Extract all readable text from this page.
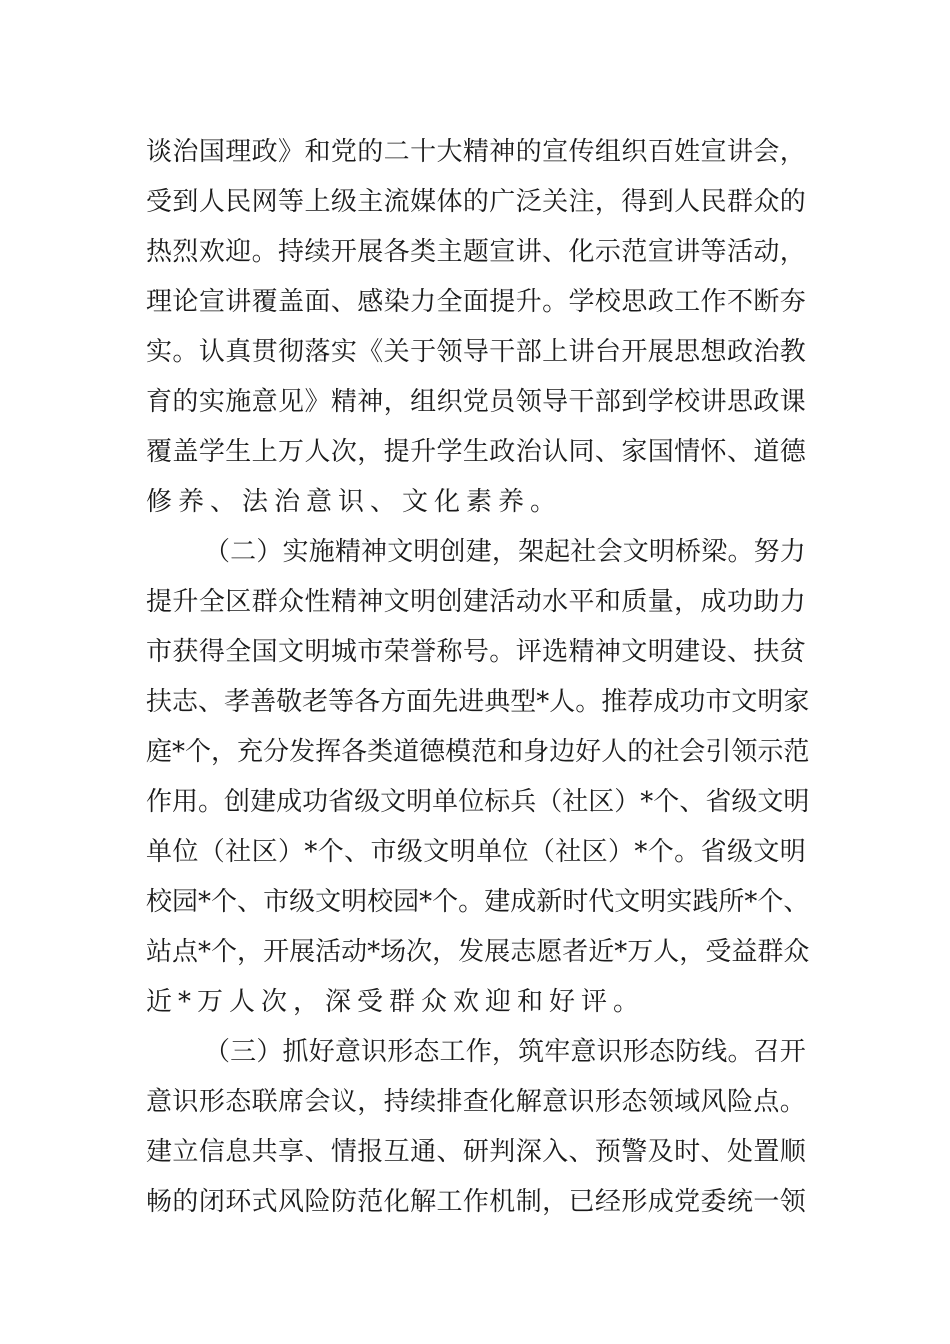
谈 治 国 理 政 》 和 党 的 二 十 大 精 神 的 宣 传 组 织 百 姓 宣 讲 会 ，
受 到 人 民 网 等 上 级 主 流 媒 体 的 广 泛 关 注 ， 得 到 人 民 群 众 的
热 烈 欢 迎 。 持 续 开 展 各 类 主 题 宣 讲 、 化 示 范 宣 讲 等 活 动 ，
理 论 宣 讲 覆 盖 面 、 感 染 力 全 面 提 升 。 学 校 思 政 工 作 不 断 夯
实 。 认 真 贯 彻 落 实 《 关 于 领 导 干 部 上 讲 台 开 展 思 想 政 治 教
育 的 实 施 意 见 》 精 神 ， 组 织 党 员 领 导 干 部 到 学 校 讲 思 政 课
覆 盖 学 生 上 万 人 次 ， 提 升 学 生 政 治 认 同 、 家 国 情 怀 、 道 德
修养、法治意识、文化素养。
（ 二 ） 实 施 精 神 文 明 创 建 ， 架 起 社 会 文 明 桥 梁 。 努 力
提 升 全 区 群 众 性 精 神 文 明 创 建 活 动 水 平 和 质 量 ， 成 功 助 力
市 获 得 全 国 文 明 城 市 荣 誉 称 号 。 评 选 精 神 文 明 建 设 、 扶 贫
扶 志 、 孝 善 敬 老 等 各 方 面 先 进 典 型 * 人 。 推 荐 成 功 市 文 明 家
庭 * 个 ， 充 分 发 挥 各 类 道 德 模 范 和 身 边 好 人 的 社 会 引 领 示 范
作 用 。 创 建 成 功 省 级 文 明 单 位 标 兵 （ 社 区 ） * 个 、 省 级 文 明
单 位 （ 社 区 ） * 个 、 市 级 文 明 单 位 （ 社 区 ） * 个 。 省 级 文 明
校 园 * 个 、 市 级 文 明 校 园 * 个 。 建 成 新 时 代 文 明 实 践 所 * 个 、
站 点 * 个 ， 开 展 活 动 * 场 次 ， 发 展 志 愿 者 近 * 万 人 ， 受 益 群 众
近*万人次，深受群众欢迎和好评。
（ 三 ） 抓 好 意 识 形 态 工 作 ， 筑 牢 意 识 形 态 防 线 。 召 开
意 识 形 态 联 席 会 议 ， 持 续 排 查 化 解 意 识 形 态 领 域 风 险 点 。
建 立 信 息 共 享 、 情 报 互 通 、 研 判 深 入 、 预 警 及 时 、 处 置 顺
畅 的 闭 环 式 风 险 防 范 化 解 工 作 机 制 ， 已 经 形 成 党 委 统 一 领
